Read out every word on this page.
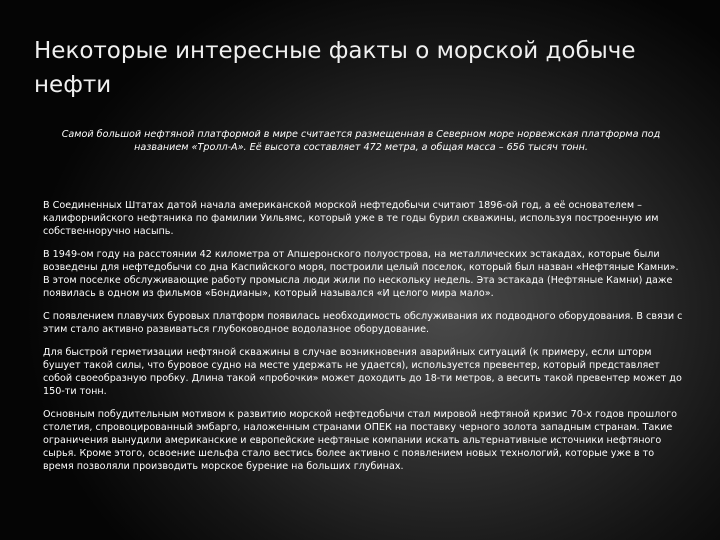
Некоторые интересные факты о морской добыче нефти

Самой большой нефтяной платформой в мире считается размещенная в Северном море норвежская платформа под названием «Тролл-А». Её высота составляет 472 метра, а общая масса – 656 тысяч тонн.

В Соединенных Штатах датой начала американской морской нефтедобычи считают 1896-ой год, а её основателем – калифорнийского нефтяника по фамилии Уильямс, который уже в те годы бурил скважины, используя построенную им собственноручно насыпь.

В 1949-ом году на расстоянии 42 километра от Апшеронского полуострова, на металлических эстакадах, которые были возведены для нефтедобычи со дна Каспийского моря, построили целый поселок, который был назван «Нефтяные Камни». В этом поселке обслуживающие работу промысла люди жили по нескольку недель. Эта эстакада (Нефтяные Камни) даже появилась в одном из фильмов «Бондианы», который назывался «И целого мира мало».

С появлением плавучих буровых платформ появилась необходимость обслуживания их подводного оборудования. В связи с этим стало активно развиваться глубоководное водолазное оборудование.

Для быстрой герметизации нефтяной скважины в случае возникновения аварийных ситуаций (к примеру, если шторм бушует такой силы, что буровое судно на месте удержать не удается), используется превентер, который представляет собой своеобразную пробку. Длина такой «пробочки» может доходить до 18-ти метров, а весить такой превентер может до 150-ти тонн.

Основным побудительным мотивом к развитию морской нефтедобычи стал мировой нефтяной кризис 70-х годов прошлого столетия, спровоцированный эмбарго, наложенным странами ОПЕК на поставку черного золота западным странам. Такие ограничения вынудили американские и европейские нефтяные компании искать альтернативные источники нефтяного сырья. Кроме этого, освоение шельфа стало вестись более активно с появлением новых технологий, которые уже в то время позволяли производить морское бурение на больших глубинах.
